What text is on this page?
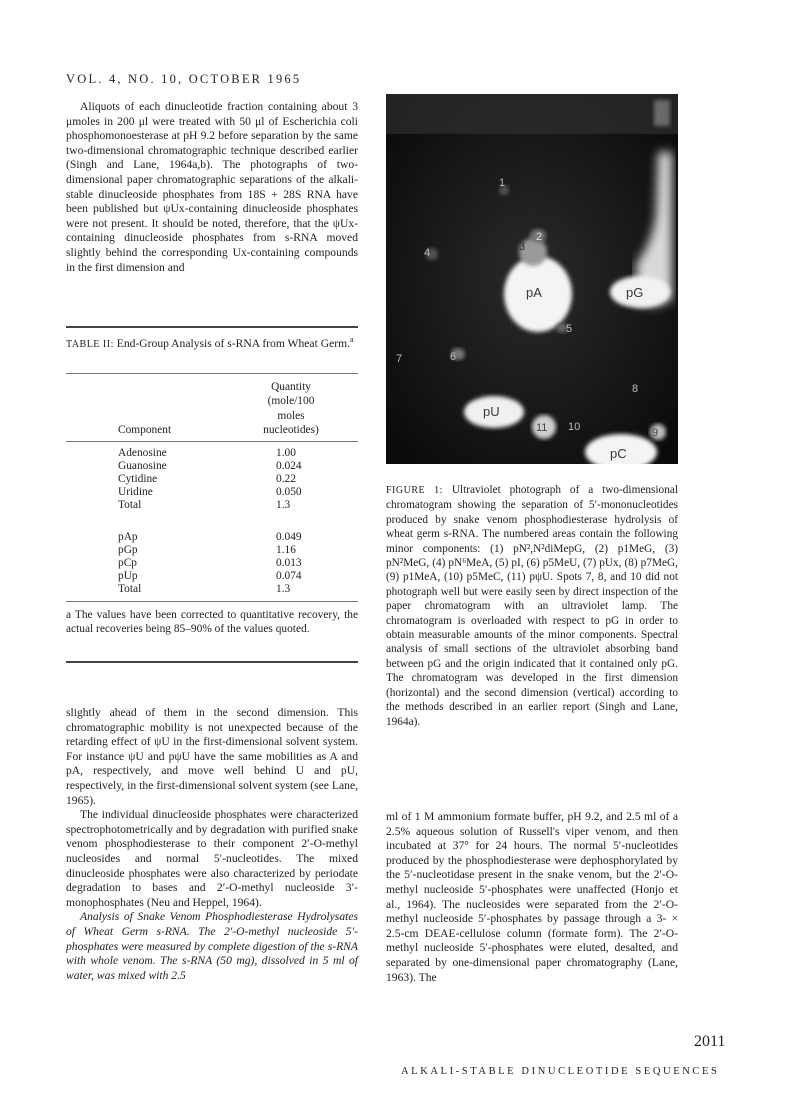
VOL. 4, NO. 10, OCTOBER 1965

Aliquots of each dinucleotide fraction containing about 3 μmoles in 200 μl were treated with 50 μl of Escherichia coli phosphomonoesterase at pH 9.2 before separation by the same two-dimensional chromatographic technique described earlier (Singh and Lane, 1964a,b). The photographs of two-dimensional paper chromatographic separations of the alkali-stable dinucleoside phosphates from 18S + 28S RNA have been published but ψUx-containing dinucleoside phosphates were not present. It should be noted, therefore, that the ψUx-containing dinucleoside phosphates from s-RNA moved slightly behind the corresponding Ux-containing compounds in the first dimension and

TABLE II: End-Group Analysis of s-RNA from Wheat Germ.$^a$
Quantity
(mole/100
moles
nucleotides)
Component
Adenosine	1.00
Guanosine	0.024
Cytidine	0.22
Uridine	0.050
Total	1.3
pAp	0.049
pGp	1.16
pCp	0.013
pUp	0.074
Total	1.3
a The values have been corrected to quantitative recovery, the actual recoveries being 85–90% of the values quoted.

slightly ahead of them in the second dimension. This chromatographic mobility is not unexpected because of the retarding effect of ψU in the first-dimensional solvent system. For instance ψU and pψU have the same mobilities as A and pA, respectively, and move well behind U and pU, respectively, in the first-dimensional solvent system (see Lane, 1965).

The individual dinucleoside phosphates were characterized spectrophotometrically and by degradation with purified snake venom phosphodiesterase to their component 2′-O-methyl nucleosides and normal 5′-nucleotides. The mixed dinucleoside phosphates were also characterized by periodate degradation to bases and 2′-O-methyl nucleoside 3′-monophosphates (Neu and Heppel, 1964).

Analysis of Snake Venom Phosphodiesterase Hydrolysates of Wheat Germ s-RNA. The 2′-O-methyl nucleoside 5′-phosphates were measured by complete digestion of the s-RNA with whole venom. The s-RNA (50 mg), dissolved in 5 ml of water, was mixed with 2.5

pA	pG
pU
pC
1
2
3
4
5
6
7
8
9
10
11
FIGURE 1: Ultraviolet photograph of a two-dimensional chromatogram showing the separation of 5′-mononucleotides produced by snake venom phosphodiesterase hydrolysis of wheat germ s-RNA. The numbered areas contain the following minor components: (1) pN²,N²diMepG, (2) p1MeG, (3) pN²MeG, (4) pN⁶MeA, (5) pI, (6) p5MeU, (7) pUx, (8) p7MeG, (9) p1MeA, (10) p5MeC, (11) pψU. Spots 7, 8, and 10 did not photograph well but were easily seen by direct inspection of the paper chromatogram with an ultraviolet lamp. The chromatogram is overloaded with respect to pG in order to obtain measurable amounts of the minor components. Spectral analysis of small sections of the ultraviolet absorbing band between pG and the origin indicated that it contained only pG. The chromatogram was developed in the first dimension (horizontal) and the second dimension (vertical) according to the methods described in an earlier report (Singh and Lane, 1964a).

ml of 1 M ammonium formate buffer, pH 9.2, and 2.5 ml of a 2.5% aqueous solution of Russell's viper venom, and then incubated at 37° for 24 hours. The normal 5′-nucleotides produced by the phosphodiesterase were dephosphorylated by the 5′-nucleotidase present in the snake venom, but the 2′-O-methyl nucleoside 5′-phosphates were unaffected (Honjo et al., 1964). The nucleosides were separated from the 2′-O-methyl nucleoside 5′-phosphates by passage through a 3- × 2.5-cm DEAE-cellulose column (formate form). The 2′-O-methyl nucleoside 5′-phosphates were eluted, desalted, and separated by one-dimensional paper chromatography (Lane, 1963). The

2011
ALKALI-STABLE DINUCLEOTIDE SEQUENCES
